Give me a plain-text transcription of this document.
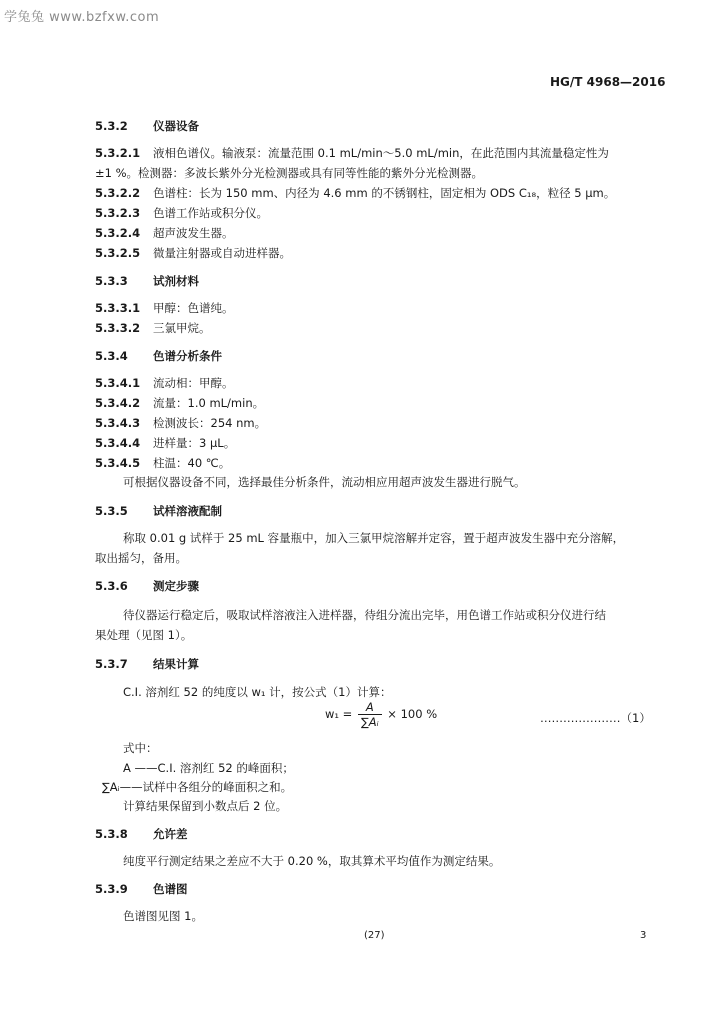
学兔兔 www.bzfxw.com
HG/T 4968—2016
5.3.2 仪器设备
5.3.2.1 液相色谱仪。输液泵：流量范围 0.1 mL/min～5.0 mL/min，在此范围内其流量稳定性为
±1 %。检测器：多波长紫外分光检测器或具有同等性能的紫外分光检测器。
5.3.2.2 色谱柱：长为 150 mm、内径为 4.6 mm 的不锈钢柱，固定相为 ODS C₁₈，粒径 5 μm。
5.3.2.3 色谱工作站或积分仪。
5.3.2.4 超声波发生器。
5.3.2.5 微量注射器或自动进样器。
5.3.3 试剂材料
5.3.3.1 甲醇：色谱纯。
5.3.3.2 三氯甲烷。
5.3.4 色谱分析条件
5.3.4.1 流动相：甲醇。
5.3.4.2 流量：1.0 mL/min。
5.3.4.3 检测波长：254 nm。
5.3.4.4 进样量：3 μL。
5.3.4.5 柱温：40 ℃。
可根据仪器设备不同，选择最佳分析条件，流动相应用超声波发生器进行脱气。
5.3.5 试样溶液配制
称取 0.01 g 试样于 25 mL 容量瓶中，加入三氯甲烷溶解并定容，置于超声波发生器中充分溶解，
取出摇匀，备用。
5.3.6 测定步骤
待仪器运行稳定后，吸取试样溶液注入进样器，待组分流出完毕，用色谱工作站或积分仪进行结
果处理（见图 1）。
5.3.7 结果计算
C.I. 溶剂红 52 的纯度以 w₁ 计，按公式（1）计算：
$w_1 = \frac{A}{\text{∑Aᵢ}} \times 100$ %	…………………（1）
式中：
A ——C.I. 溶剂红 52 的峰面积；
∑Aᵢ——试样中各组分的峰面积之和。
计算结果保留到小数点后 2 位。
5.3.8 允许差
纯度平行测定结果之差应不大于 0.20 %，取其算术平均值作为测定结果。
5.3.9 色谱图
色谱图见图 1。
(27)	3
